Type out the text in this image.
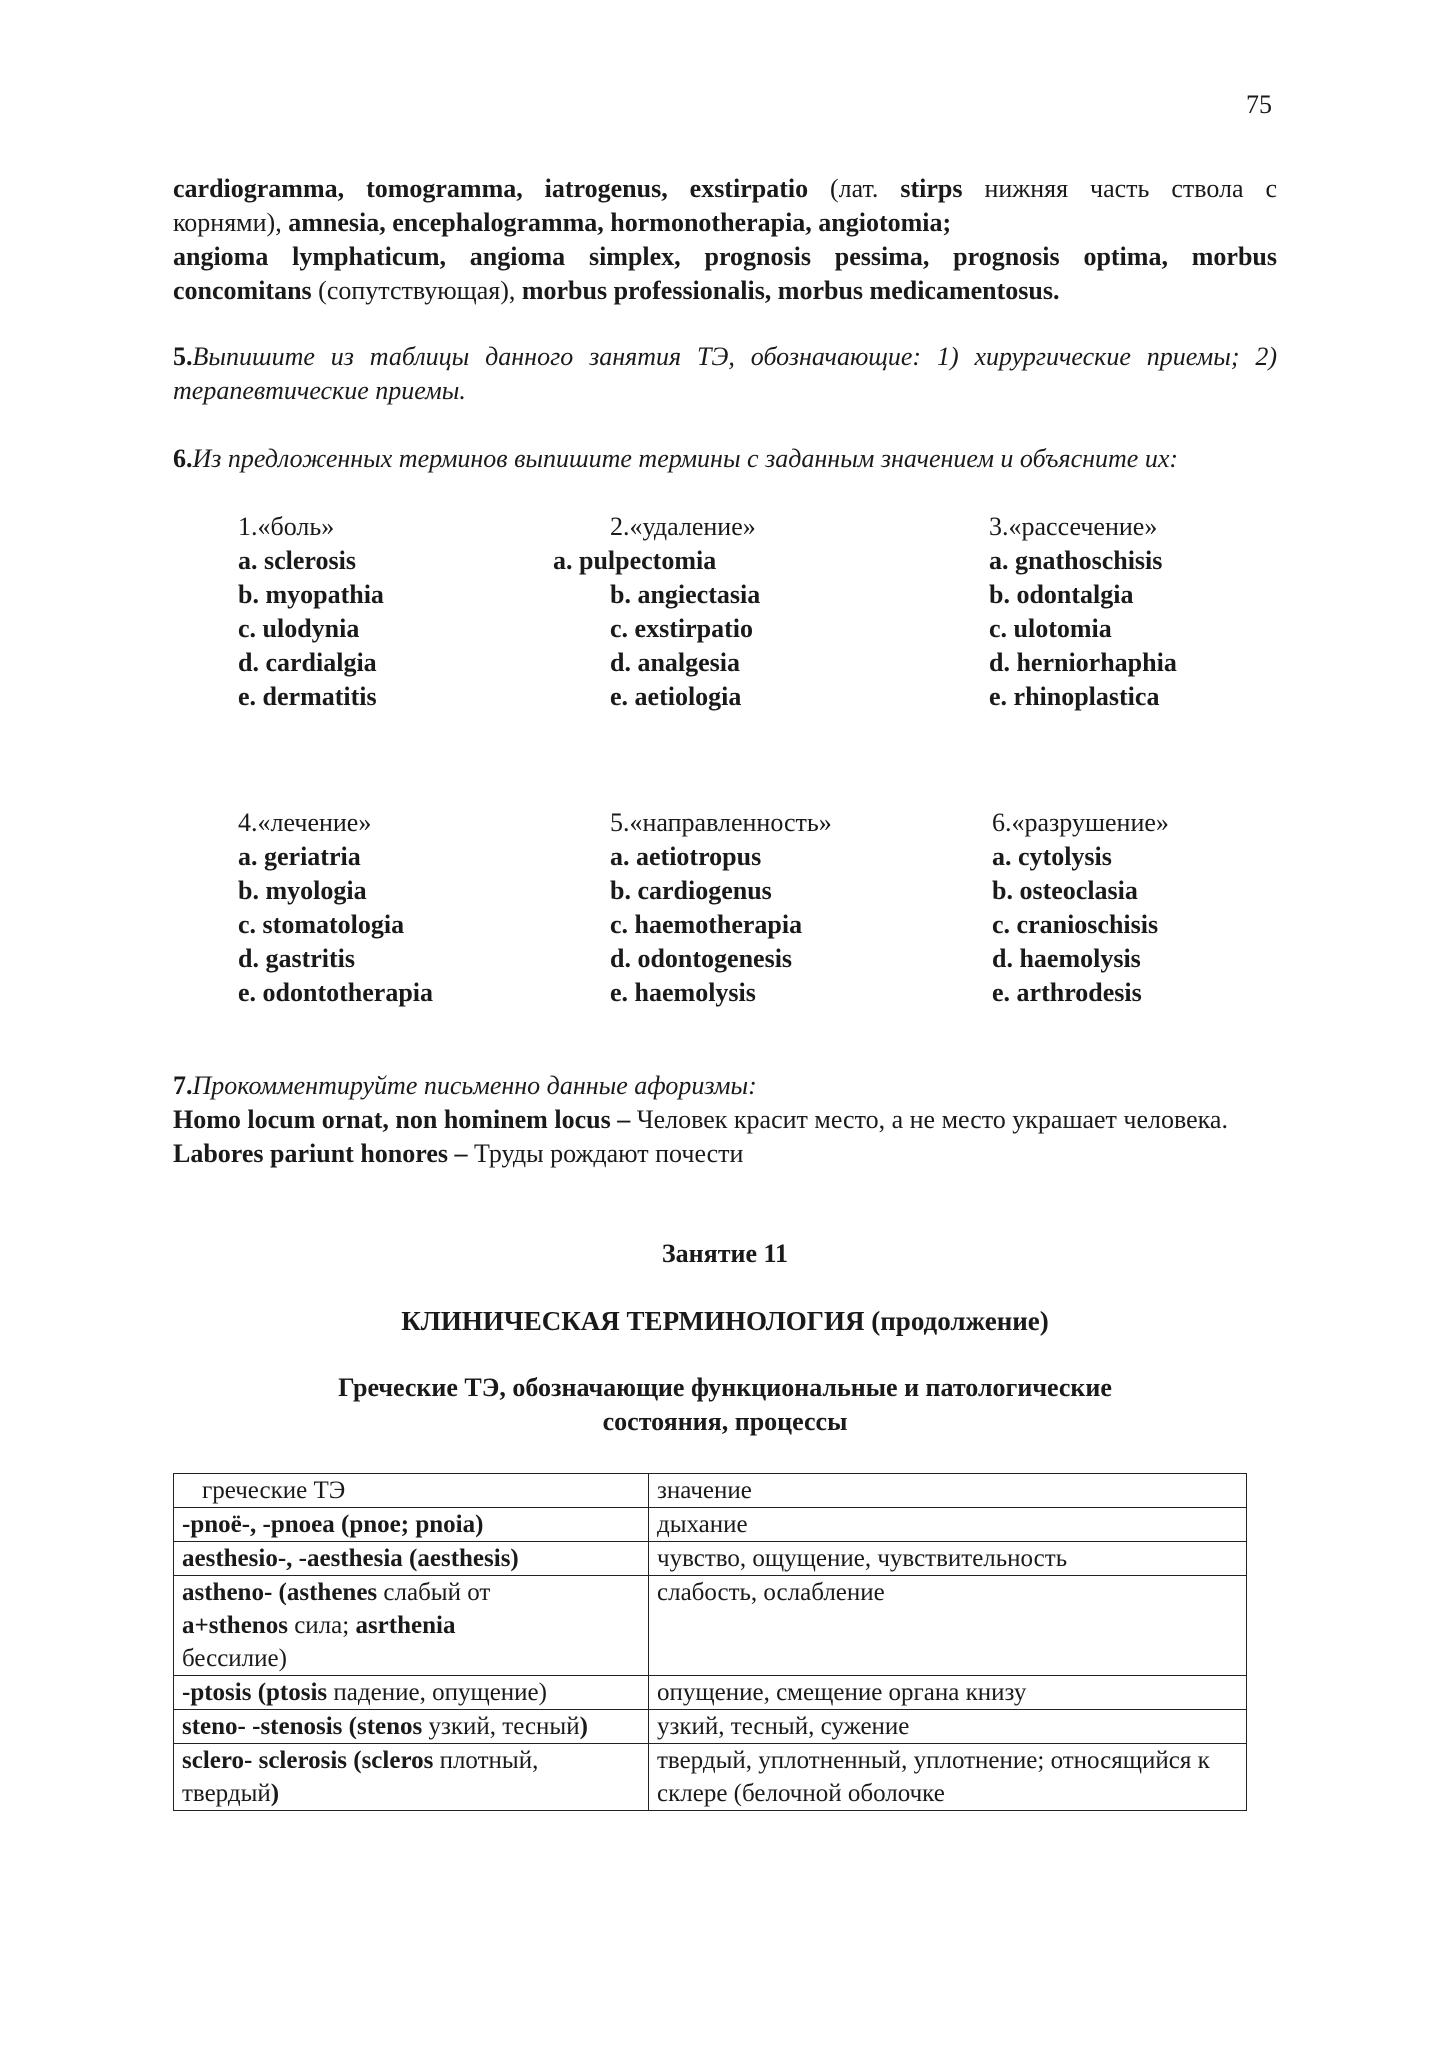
75
cardiogramma, tomogramma, iatrogenus, exstirpatio (лат. stirps нижняя часть ствола с
корнями), amnesia, encephalogramma, hormonotherapia, angiotomia;
angioma lymphaticum, angioma simplex, prognosis pessima, prognosis optima, morbus
concomitans (сопутствующая), morbus professionalis, morbus medicamentosus.
5.Выпишите из таблицы данного занятия ТЭ, обозначающие: 1) хирургические приемы; 2) терапевтические приемы.
6.Из предложенных терминов выпишите термины с заданным значением и объясните их:
1.«боль»
a. sclerosis
b. myopathia
c. ulodynia
d. cardialgia
e. dermatitis
2.«удаление»
a. pulpectomia
b. angiectasia
c. exstirpatio
d. analgesia
e. aetiologia
3.«рассечение»
a. gnathoschisis
b. odontalgia
c. ulotomia
d. herniorhaphia
e. rhinoplastica
4.«лечение»
a. geriatria
b. myologia
c. stomatologia
d. gastritis
e. odontotherapia
5.«направленность»
a. aetiotropus
b. cardiogenus
c. haemotherapia
d. odontogenesis
e. haemolysis
6.«разрушение»
a. cytolysis
b. osteoclasia
c. cranioschisis
d. haemolysis
e. arthrodesis
7.Прокомментируйте письменно данные афоризмы:
Homo locum ornat, non hominem locus – Человек красит место, а не место украшает человека.
Labores pariunt honores – Труды рождают почести
Занятие 11
КЛИНИЧЕСКАЯ ТЕРМИНОЛОГИЯ (продолжение)
Греческие ТЭ, обозначающие функциональные и патологические
состояния, процессы
греческие ТЭ	значение
-pnoë-, -pnoea (pnoe; pnoia)	дыхание
aesthesio-, -aesthesia (aesthesis)	чувство, ощущение, чувствительность
astheno- (asthenes слабый от
a+sthenos сила; asrthenia
бессилие)	слабость, ослабление
-ptosis (ptosis падение, опущение)	опущение, смещение органа книзу
steno- -stenosis (stenos узкий, тесный)	узкий, тесный, сужение
sclero- sclerosis (scleros плотный, твердый)	твердый, уплотненный, уплотнение; относящийся к склере (белочной оболочке
